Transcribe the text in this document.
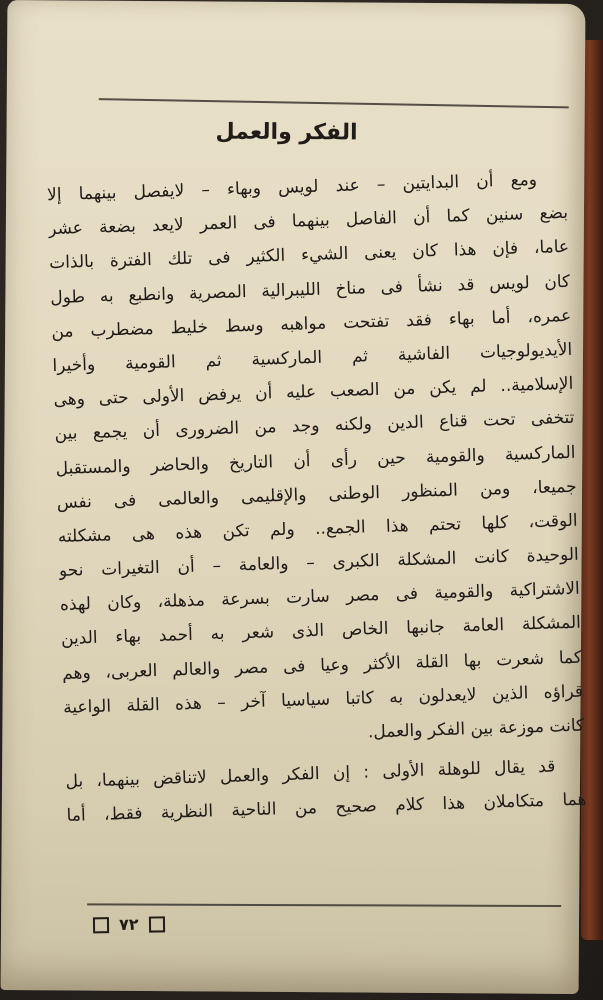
الفكر والعمل
ومع أن البدايتين – عند لويس وبهاء – لايفصل بينهما إلا
بضع سنين كما أن الفاصل بينهما فى العمر لايعد بضعة عشر
عاما، فإن هذا كان يعنى الشيء الكثير فى تلك الفترة بالذات
كان لويس قد نشأ فى مناخ الليبرالية المصرية وانطبع به طول
عمره، أما بهاء فقد تفتحت مواهبه وسط خليط مضطرب من
الأيديولوجيات الفاشية ثم الماركسية ثم القومية وأخيرا
الإسلامية.. لم يكن من الصعب عليه أن يرفض الأولى حتى وهى
تتخفى تحت قناع الدين ولكنه وجد من الضرورى أن يجمع بين
الماركسية والقومية حين رأى أن التاريخ والحاضر والمستقبل
جميعا، ومن المنظور الوطنى والإقليمى والعالمى فى نفس
الوقت، كلها تحتم هذا الجمع.. ولم تكن هذه هى مشكلته
الوحيدة كانت المشكلة الكبرى – والعامة – أن التغيرات نحو
الاشتراكية والقومية فى مصر سارت بسرعة مذهلة، وكان لهذه
المشكلة العامة جانبها الخاص الذى شعر به أحمد بهاء الدين
كما شعرت بها القلة الأكثر وعيا فى مصر والعالم العربى، وهم
قراؤه الذين لايعدلون به كاتبا سياسيا آخر – هذه القلة الواعية
كانت موزعة بين الفكر والعمل.
قد يقال للوهلة الأولى : إن الفكر والعمل لاتناقض بينهما، بل
هما متكاملان هذا كلام صحيح من الناحية النظرية فقط، أما
٧٢
